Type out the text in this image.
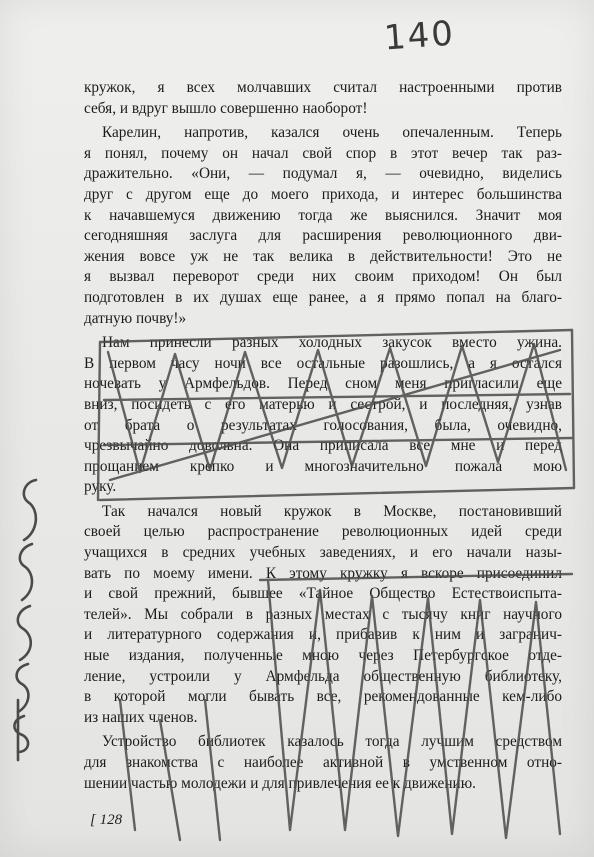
140
кружок, я всех молчавших считал настроенными против
себя, и вдруг вышло совершенно наоборот!
Карелин, напротив, казался очень опечаленным. Теперь
я понял, почему он начал свой спор в этот вечер так раз-
дражительно. «Они, — подумал я, — очевидно, виделись
друг с другом еще до моего прихода, и интерес большинства
к начавшемуся движению тогда же выяснился. Значит моя
сегодняшняя заслуга для расширения революционного дви-
жения вовсе уж не так велика в действительности! Это не
я вызвал переворот среди них своим приходом! Он был
подготовлен в их душах еще ранее, а я прямо попал на благо-
датную почву!»
Нам принесли разных холодных закусок вместо ужина.
В первом часу ночи все остальные разошлись, а я остался
ночевать у Армфельдов. Перед сном меня пригласили еще
вниз, посидеть с его матерью и сестрой, и последняя, узнав
от брата о результатах голосования, была, очевидно,
чрезвычайно довольна. Она приписала все мне и перед
прощанием крепко и многозначительно пожала мою
руку.
Так начался новый кружок в Москве, постановивший
своей целью распространение революционных идей среди
учащихся в средних учебных заведениях, и его начали назы-
вать по моему имени. К этому кружку я вскоре присоединил
и свой прежний, бывшее «Тайное Общество Естествоиспыта-
телей». Мы собрали в разных местах с тысячу книг научного
и литературного содержания и, прибавив к ним и загранич-
ные издания, полученные мною через Петербургское отде-
ление, устроили у Армфельда общественную библиотеку,
в которой могли бывать все, рекомендованные кем-либо
из наших членов.
Устройство библиотек казалось тогда лучшим средством
для знакомства с наиболее активной в умственном отно-
шении частью молодежи и для привлечения ее к движению.
[ 128
